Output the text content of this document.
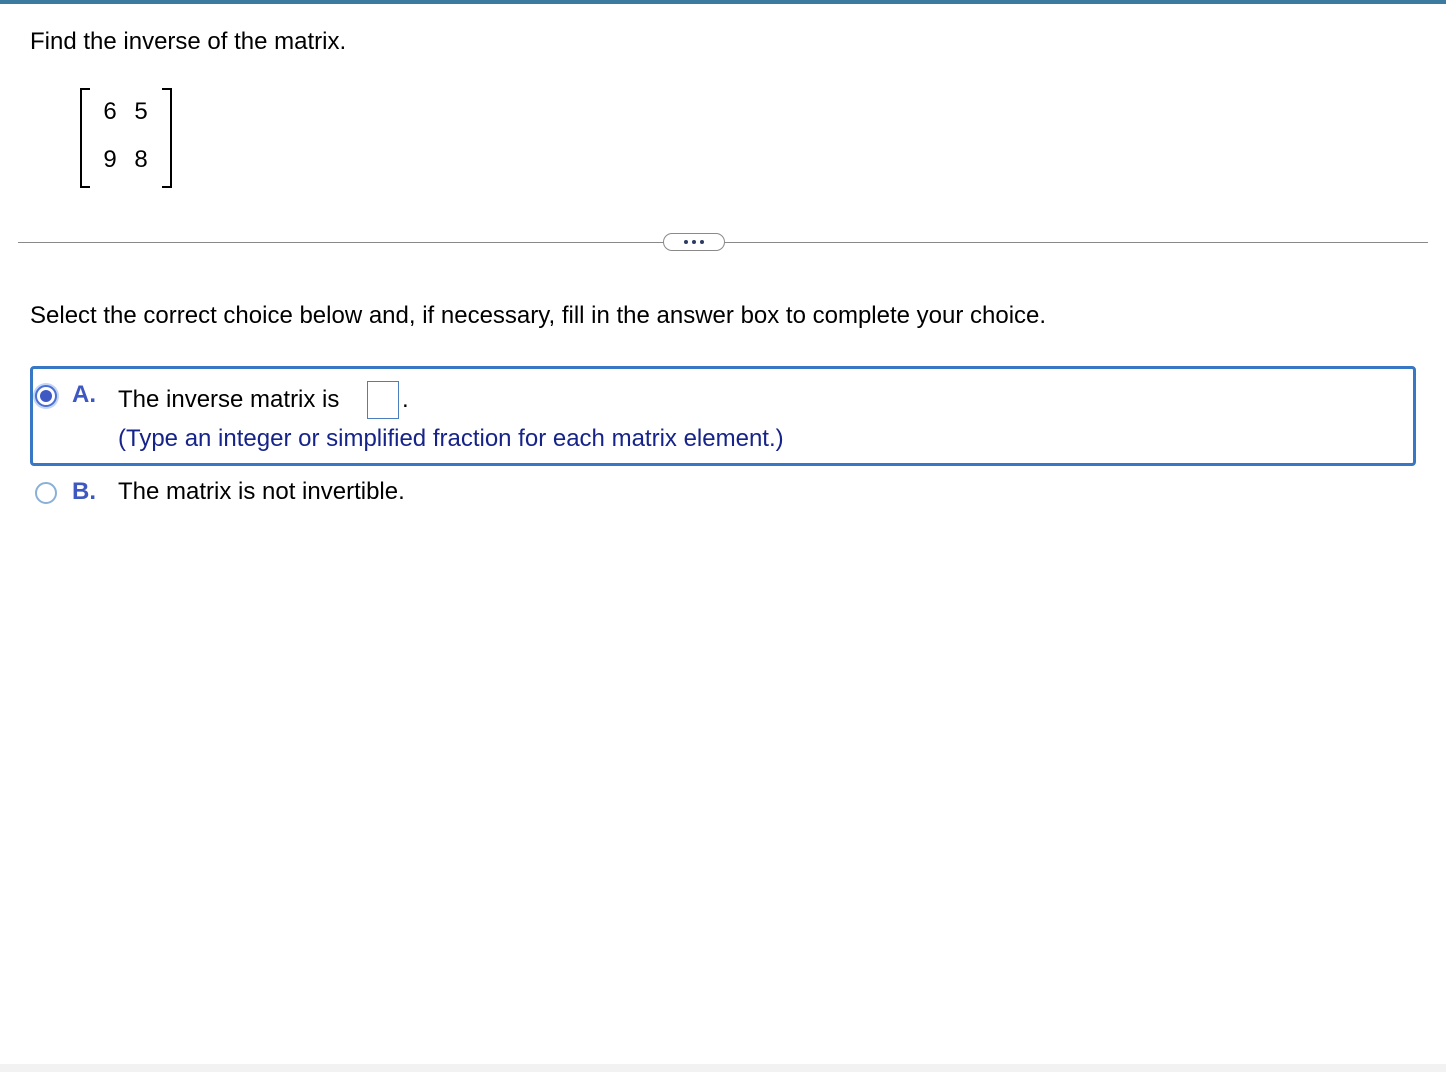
Find the inverse of the matrix.
6 5
9 8
Select the correct choice below and, if necessary, fill in the answer box to complete your choice.
A. The inverse matrix is	.
(Type an integer or simplified fraction for each matrix element.)
B. The matrix is not invertible.
